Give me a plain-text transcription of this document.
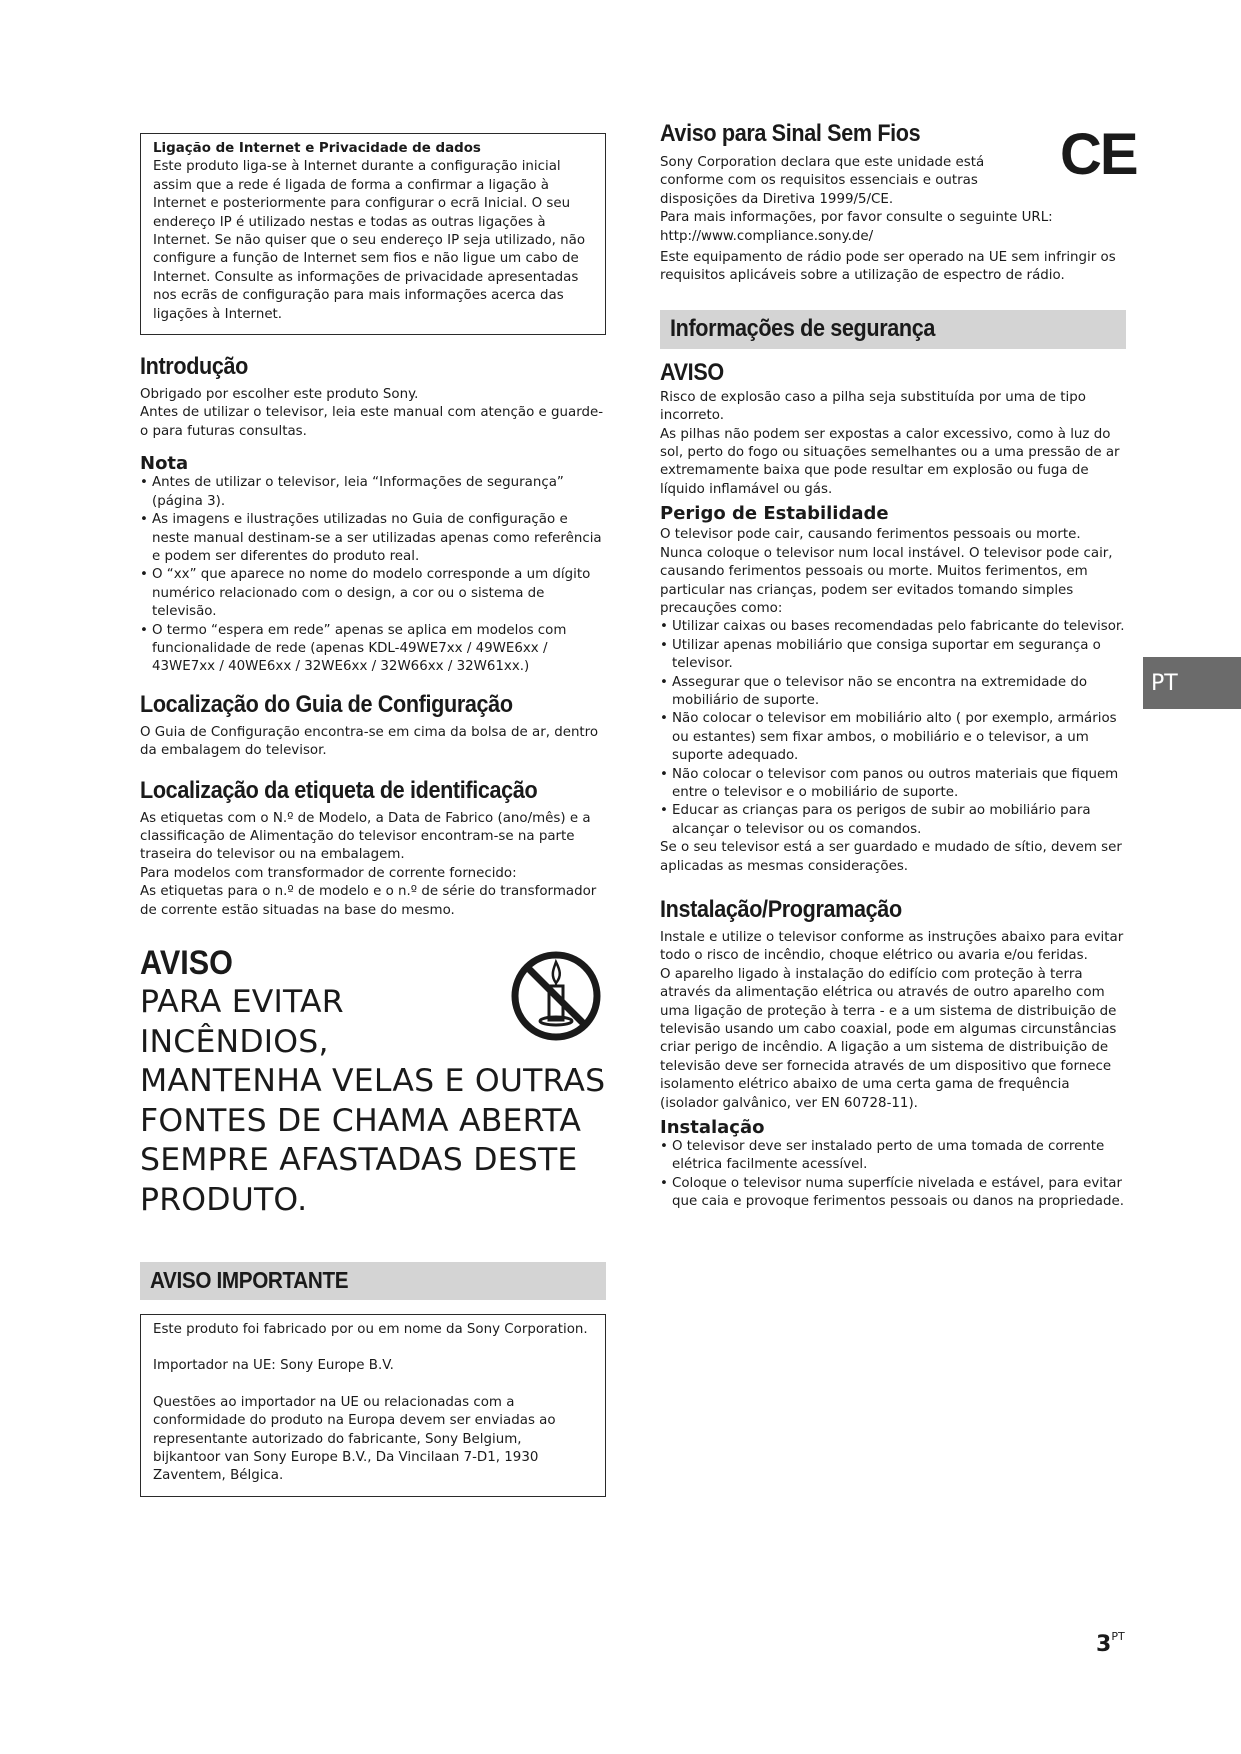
Ligação de Internet e Privacidade de dados

Este produto liga-se à Internet durante a configuração inicial assim que a rede é ligada de forma a confirmar a ligação à Internet e posteriormente para configurar o ecrã Inicial. O seu endereço IP é utilizado nestas e todas as outras ligações à Internet. Se não quiser que o seu endereço IP seja utilizado, não configure a função de Internet sem fios e não ligue um cabo de Internet. Consulte as informações de privacidade apresentadas nos ecrãs de configuração para mais informações acerca das ligações à Internet.

Introdução

Obrigado por escolher este produto Sony.

Antes de utilizar o televisor, leia este manual com atenção e guarde-o para futuras consultas.

Nota
• Antes de utilizar o televisor, leia “Informações de segurança” (página 3).
• As imagens e ilustrações utilizadas no Guia de configuração e neste manual destinam-se a ser utilizadas apenas como referência e podem ser diferentes do produto real.
• O “xx” que aparece no nome do modelo corresponde a um dígito numérico relacionado com o design, a cor ou o sistema de televisão.
• O termo “espera em rede” apenas se aplica em modelos com funcionalidade de rede (apenas KDL-49WE7xx / 49WE6xx / 43WE7xx / 40WE6xx / 32WE6xx / 32W66xx / 32W61xx.)
Localização do Guia de Configuração

O Guia de Configuração encontra-se em cima da bolsa de ar, dentro da embalagem do televisor.

Localização da etiqueta de identificação

As etiquetas com o N.º de Modelo, a Data de Fabrico (ano/mês) e a classificação de Alimentação do televisor encontram-se na parte traseira do televisor ou na embalagem.

Para modelos com transformador de corrente fornecido:

As etiquetas para o n.º de modelo e o n.º de série do transformador de corrente estão situadas na base do mesmo.

AVISO
PARA EVITAR
INCÊNDIOS,
MANTENHA VELAS E OUTRAS
FONTES DE CHAMA ABERTA
SEMPRE AFASTADAS DESTE
PRODUTO.
AVISO IMPORTANTE

Este produto foi fabricado por ou em nome da Sony Corporation.

Importador na UE: Sony Europe B.V.

Questões ao importador na UE ou relacionadas com a conformidade do produto na Europa devem ser enviadas ao representante autorizado do fabricante, Sony Belgium, bijkantoor van Sony Europe B.V., Da Vincilaan 7-D1, 1930 Zaventem, Bélgica.

Aviso para Sinal Sem Fios

Sony Corporation declara que este unidade está conforme com os requisitos essenciais e outras disposições da Diretiva 1999/5/CE.

CE

Para mais informações, por favor consulte o seguinte URL:

http://www.compliance.sony.de/

Este equipamento de rádio pode ser operado na UE sem infringir os requisitos aplicáveis sobre a utilização de espectro de rádio.

Informações de segurança
AVISO

Risco de explosão caso a pilha seja substituída por uma de tipo incorreto.

As pilhas não podem ser expostas a calor excessivo, como à luz do sol, perto do fogo ou situações semelhantes ou a uma pressão de ar extremamente baixa que pode resultar em explosão ou fuga de líquido inflamável ou gás.

Perigo de Estabilidade

O televisor pode cair, causando ferimentos pessoais ou morte. Nunca coloque o televisor num local instável. O televisor pode cair, causando ferimentos pessoais ou morte. Muitos ferimentos, em particular nas crianças, podem ser evitados tomando simples precauções como:

• Utilizar caixas ou bases recomendadas pelo fabricante do televisor.
• Utilizar apenas mobiliário que consiga suportar em segurança o televisor.
• Assegurar que o televisor não se encontra na extremidade do mobiliário de suporte.
• Não colocar o televisor em mobiliário alto ( por exemplo, armários ou estantes) sem fixar ambos, o mobiliário e o televisor, a um suporte adequado.
• Não colocar o televisor com panos ou outros materiais que fiquem entre o televisor e o mobiliário de suporte.
• Educar as crianças para os perigos de subir ao mobiliário para alcançar o televisor ou os comandos.

Se o seu televisor está a ser guardado e mudado de sítio, devem ser aplicadas as mesmas considerações.

Instalação/Programação

Instale e utilize o televisor conforme as instruções abaixo para evitar todo o risco de incêndio, choque elétrico ou avaria e/ou feridas.

O aparelho ligado à instalação do edifício com proteção à terra através da alimentação elétrica ou através de outro aparelho com uma ligação de proteção à terra - e a um sistema de distribuição de televisão usando um cabo coaxial, pode em algumas circunstâncias criar perigo de incêndio. A ligação a um sistema de distribuição de televisão deve ser fornecida através de um dispositivo que fornece isolamento elétrico abaixo de uma certa gama de frequência (isolador galvânico, ver EN 60728-11).

Instalação
• O televisor deve ser instalado perto de uma tomada de corrente elétrica facilmente acessível.
• Coloque o televisor numa superfície nivelada e estável, para evitar que caia e provoque ferimentos pessoais ou danos na propriedade.
PT
$3^{PT}$
